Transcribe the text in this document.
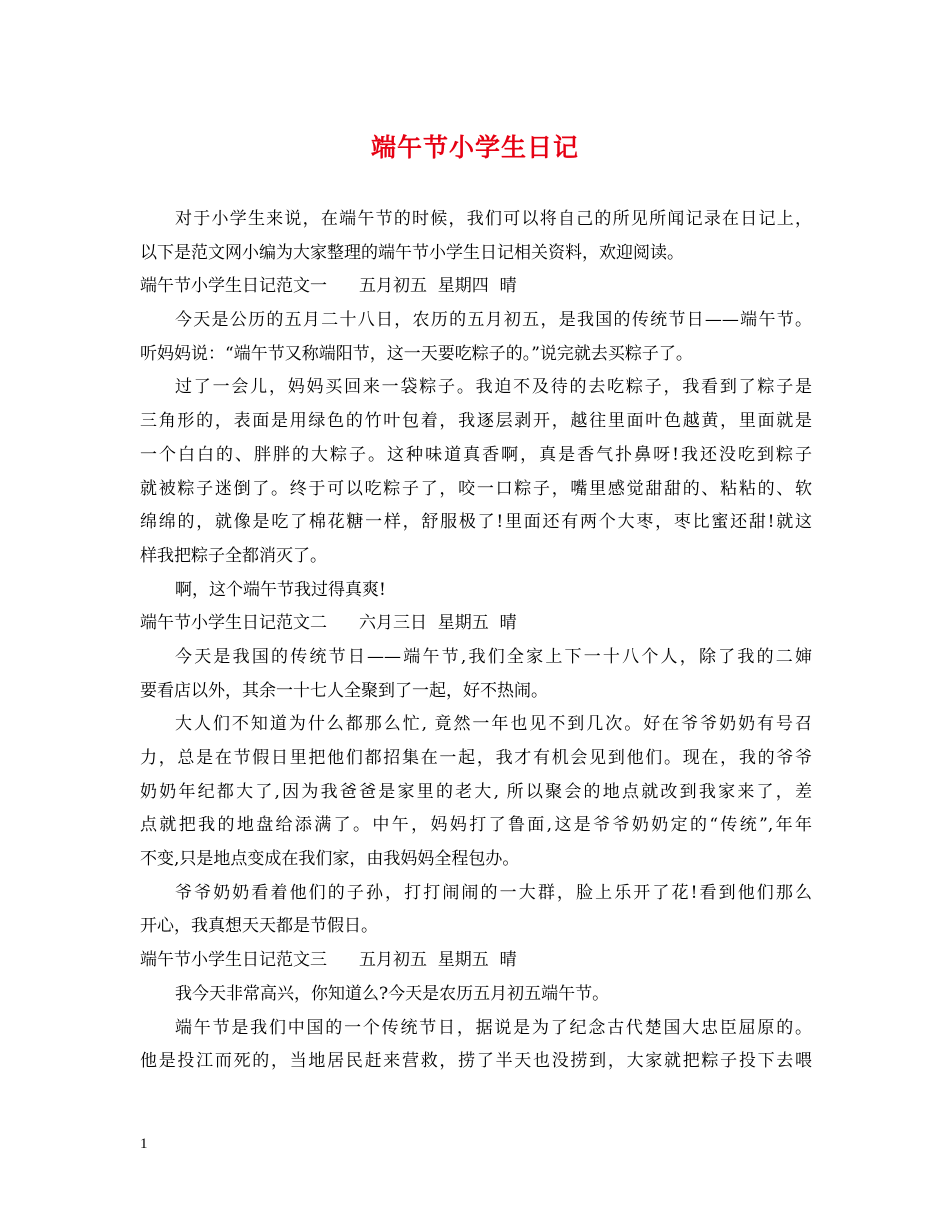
端午节小学生日记
对于小学生来说，在端午节的时候，我们可以将自己的所见所闻记录在日记上，
以下是范文网小编为大家整理的端午节小学生日记相关资料，欢迎阅读。
端午节小学生日记范文一 五月初五  星期四  晴
今天是公历的五月二十八日，农历的五月初五，是我国的传统节日——端午节。
听妈妈说：“端午节又称端阳节，这一天要吃粽子的。”说完就去买粽子了。
过了一会儿，妈妈买回来一袋粽子。我迫不及待的去吃粽子，我看到了粽子是
三角形的，表面是用绿色的竹叶包着，我逐层剥开，越往里面叶色越黄，里面就是
一个白白的、胖胖的大粽子。这种味道真香啊，真是香气扑鼻呀!我还没吃到粽子
就被粽子迷倒了。终于可以吃粽子了，咬一口粽子，嘴里感觉甜甜的、粘粘的、软
绵绵的，就像是吃了棉花糖一样，舒服极了!里面还有两个大枣，枣比蜜还甜!就这
样我把粽子全都消灭了。
啊，这个端午节我过得真爽!
端午节小学生日记范文二 六月三日  星期五  晴
今天是我国的传统节日——端午节,我们全家上下一十八个人，除了我的二婶
要看店以外，其余一十七人全聚到了一起，好不热闹。
大人们不知道为什么都那么忙, 竟然一年也见不到几次。好在爷爷奶奶有号召
力，总是在节假日里把他们都招集在一起，我才有机会见到他们。现在，我的爷爷
奶奶年纪都大了,因为我爸爸是家里的老大, 所以聚会的地点就改到我家来了，差
点就把我的地盘给添满了。中午，妈妈打了鲁面,这是爷爷奶奶定的“传统”,年年
不变,只是地点变成在我们家，由我妈妈全程包办。
爷爷奶奶看着他们的子孙，打打闹闹的一大群，脸上乐开了花!看到他们那么
开心，我真想天天都是节假日。
端午节小学生日记范文三 五月初五  星期五  晴
我今天非常高兴，你知道么?今天是农历五月初五端午节。
端午节是我们中国的一个传统节日，据说是为了纪念古代楚国大忠臣屈原的。
他是投江而死的，当地居民赶来营救，捞了半天也没捞到，大家就把粽子投下去喂
1
